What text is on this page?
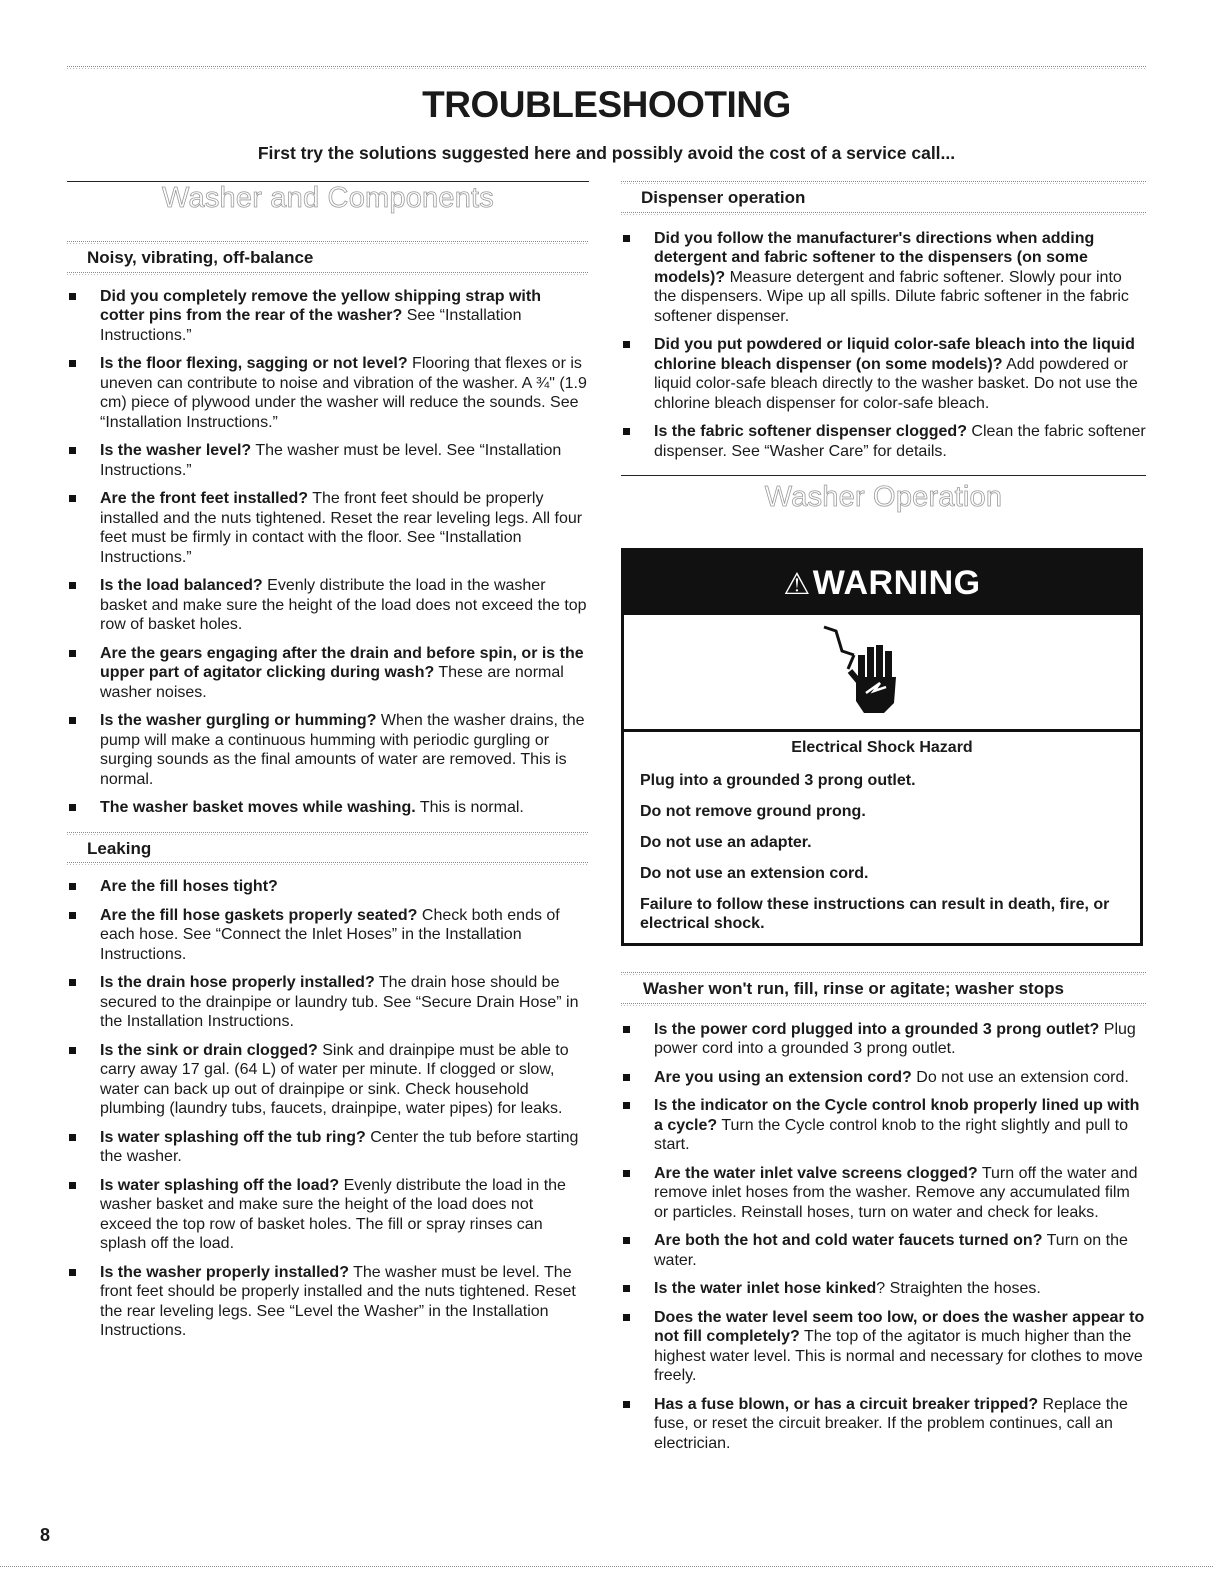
TROUBLESHOOTING

First try the solutions suggested here and possibly avoid the cost of a service call...

Washer and Components
Noisy, vibrating, off-balance
Did you completely remove the yellow shipping strap with cotter pins from the rear of the washer? See “Installation Instructions.”
Is the floor flexing, sagging or not level? Flooring that flexes or is uneven can contribute to noise and vibration of the washer. A ¾" (1.9 cm) piece of plywood under the washer will reduce the sounds. See “Installation Instructions.”
Is the washer level? The washer must be level. See “Installation Instructions.”
Are the front feet installed? The front feet should be properly installed and the nuts tightened. Reset the rear leveling legs. All four feet must be firmly in contact with the floor. See “Installation Instructions.”
Is the load balanced? Evenly distribute the load in the washer basket and make sure the height of the load does not exceed the top row of basket holes.
Are the gears engaging after the drain and before spin, or is the upper part of agitator clicking during wash? These are normal washer noises.
Is the washer gurgling or humming? When the washer drains, the pump will make a continuous humming with periodic gurgling or surging sounds as the final amounts of water are removed. This is normal.
The washer basket moves while washing. This is normal.
Leaking
Are the fill hoses tight?
Are the fill hose gaskets properly seated? Check both ends of each hose. See “Connect the Inlet Hoses” in the Installation Instructions.
Is the drain hose properly installed? The drain hose should be secured to the drainpipe or laundry tub. See “Secure Drain Hose” in the Installation Instructions.
Is the sink or drain clogged? Sink and drainpipe must be able to carry away 17 gal. (64 L) of water per minute. If clogged or slow, water can back up out of drainpipe or sink. Check household plumbing (laundry tubs, faucets, drainpipe, water pipes) for leaks.
Is water splashing off the tub ring? Center the tub before starting the washer.
Is water splashing off the load? Evenly distribute the load in the washer basket and make sure the height of the load does not exceed the top row of basket holes. The fill or spray rinses can splash off the load.
Is the washer properly installed? The washer must be level. The front feet should be properly installed and the nuts tightened. Reset the rear leveling legs. See “Level the Washer” in the Installation Instructions.
Dispenser operation
Did you follow the manufacturer's directions when adding detergent and fabric softener to the dispensers (on some models)? Measure detergent and fabric softener. Slowly pour into the dispensers. Wipe up all spills. Dilute fabric softener in the fabric softener dispenser.
Did you put powdered or liquid color-safe bleach into the liquid chlorine bleach dispenser (on some models)? Add powdered or liquid color-safe bleach directly to the washer basket. Do not use the chlorine bleach dispenser for color-safe bleach.
Is the fabric softener dispenser clogged? Clean the fabric softener dispenser. See “Washer Care” for details.
Washer Operation
⚠WARNING

Electrical Shock Hazard

Plug into a grounded 3 prong outlet.

Do not remove ground prong.

Do not use an adapter.

Do not use an extension cord.

Failure to follow these instructions can result in death, fire, or electrical shock.

Washer won't run, fill, rinse or agitate; washer stops
Is the power cord plugged into a grounded 3 prong outlet? Plug power cord into a grounded 3 prong outlet.
Are you using an extension cord? Do not use an extension cord.
Is the indicator on the Cycle control knob properly lined up with a cycle? Turn the Cycle control knob to the right slightly and pull to start.
Are the water inlet valve screens clogged? Turn off the water and remove inlet hoses from the washer. Remove any accumulated film or particles. Reinstall hoses, turn on water and check for leaks.
Are both the hot and cold water faucets turned on? Turn on the water.
Is the water inlet hose kinked? Straighten the hoses.
Does the water level seem too low, or does the washer appear to not fill completely? The top of the agitator is much higher than the highest water level. This is normal and necessary for clothes to move freely.
Has a fuse blown, or has a circuit breaker tripped? Replace the fuse, or reset the circuit breaker. If the problem continues, call an electrician.
8
